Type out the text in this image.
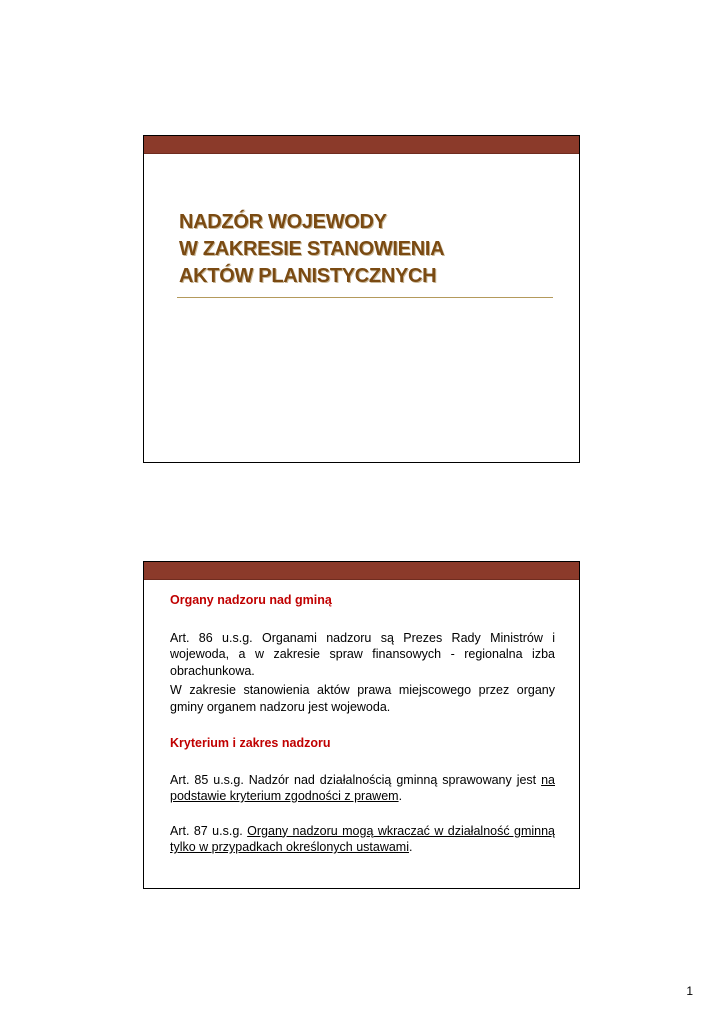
NADZÓR WOJEWODY
W ZAKRESIE STANOWIENIA
AKTÓW PLANISTYCZNYCH

Organy nadzoru nad gminą

Art. 86 u.s.g. Organami nadzoru są Prezes Rady Ministrów i wojewoda, a w zakresie spraw finansowych - regionalna izba obrachunkowa.

W zakresie stanowienia aktów prawa miejscowego przez organy gminy organem nadzoru jest wojewoda.

Kryterium i zakres nadzoru

Art. 85 u.s.g. Nadzór nad działalnością gminną sprawowany jest na podstawie kryterium zgodności z prawem.

Art. 87 u.s.g. Organy nadzoru mogą wkraczać w działalność gminną tylko w przypadkach określonych ustawami.

1
